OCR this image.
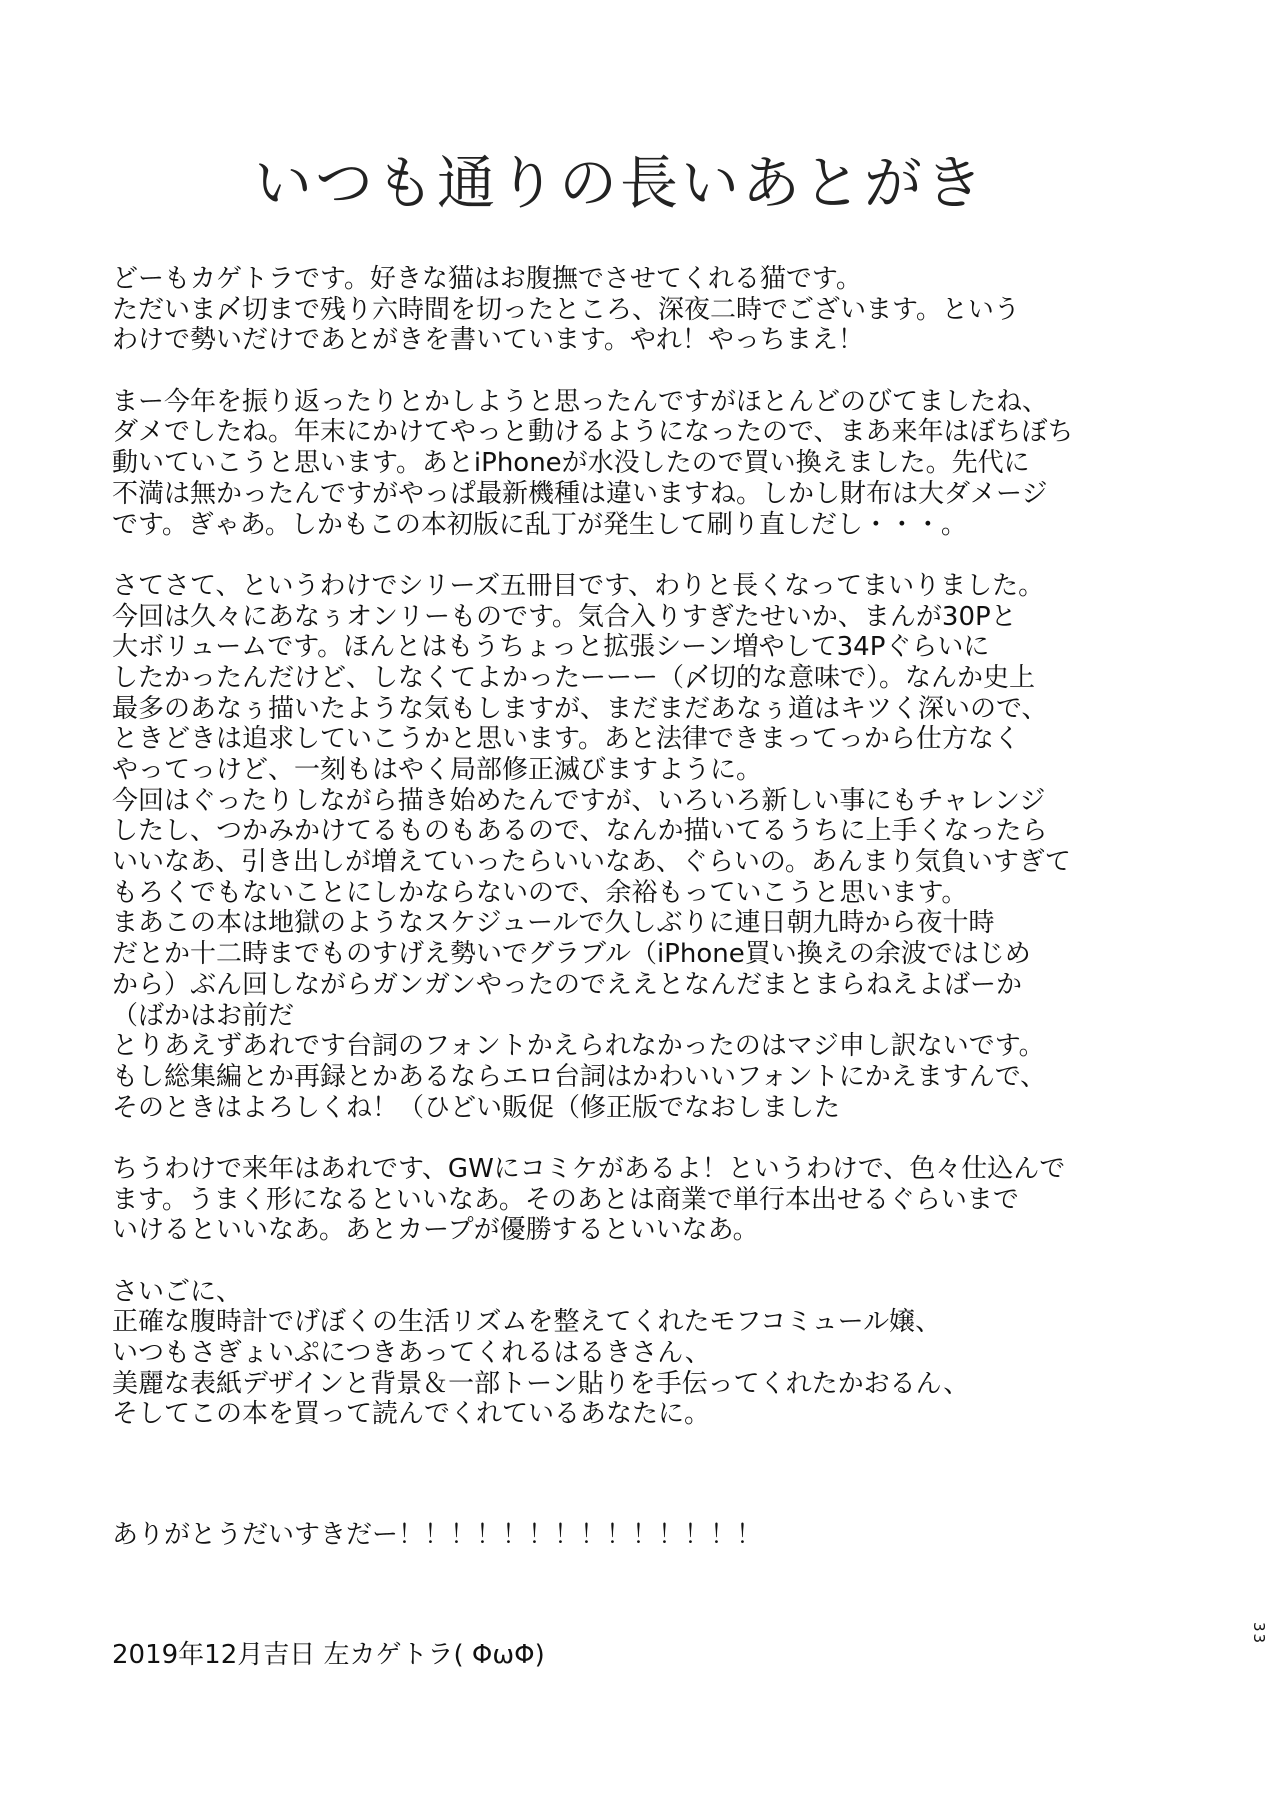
いつも通りの長いあとがき
どーもカゲトラです。好きな猫はお腹撫でさせてくれる猫です。
ただいま〆切まで残り六時間を切ったところ、深夜二時でございます。という
わけで勢いだけであとがきを書いています。やれ！やっちまえ！
まー今年を振り返ったりとかしようと思ったんですがほとんどのびてましたね、
ダメでしたね。年末にかけてやっと動けるようになったので、まあ来年はぼちぼち
動いていこうと思います。あとiPhoneが水没したので買い換えました。先代に
不満は無かったんですがやっぱ最新機種は違いますね。しかし財布は大ダメージ
です。ぎゃあ。しかもこの本初版に乱丁が発生して刷り直しだし・・・。
さてさて、というわけでシリーズ五冊目です、わりと長くなってまいりました。
今回は久々にあなぅオンリーものです。気合入りすぎたせいか、まんが30Pと
大ボリュームです。ほんとはもうちょっと拡張シーン増やして34Pぐらいに
したかったんだけど、しなくてよかったーーー（〆切的な意味で）。なんか史上
最多のあなぅ描いたような気もしますが、まだまだあなぅ道はキツく深いので、
ときどきは追求していこうかと思います。あと法律できまってっから仕方なく
やってっけど、一刻もはやく局部修正滅びますように。
今回はぐったりしながら描き始めたんですが、いろいろ新しい事にもチャレンジ
したし、つかみかけてるものもあるので、なんか描いてるうちに上手くなったら
いいなあ、引き出しが増えていったらいいなあ、ぐらいの。あんまり気負いすぎて
もろくでもないことにしかならないので、余裕もっていこうと思います。
まあこの本は地獄のようなスケジュールで久しぶりに連日朝九時から夜十時
だとか十二時までものすげえ勢いでグラブル（iPhone買い換えの余波ではじめ
から）ぶん回しながらガンガンやったのでええとなんだまとまらねえよばーか
（ばかはお前だ
とりあえずあれです台詞のフォントかえられなかったのはマジ申し訳ないです。
もし総集編とか再録とかあるならエロ台詞はかわいいフォントにかえますんで、
そのときはよろしくね！（ひどい販促（修正版でなおしました
ちうわけで来年はあれです、GWにコミケがあるよ！というわけで、色々仕込んで
ます。うまく形になるといいなあ。そのあとは商業で単行本出せるぐらいまで
いけるといいなあ。あとカープが優勝するといいなあ。
さいごに、
正確な腹時計でげぼくの生活リズムを整えてくれたモフコミュール嬢、
いつもさぎょいぷにつきあってくれるはるきさん、
美麗な表紙デザインと背景＆一部トーン貼りを手伝ってくれたかおるん、
そしてこの本を買って読んでくれているあなたに。
ありがとうだいすきだー！！！！！！！！！！！！！！
2019年12月吉日 左カゲトラ( Φ​ω​Φ)
33
